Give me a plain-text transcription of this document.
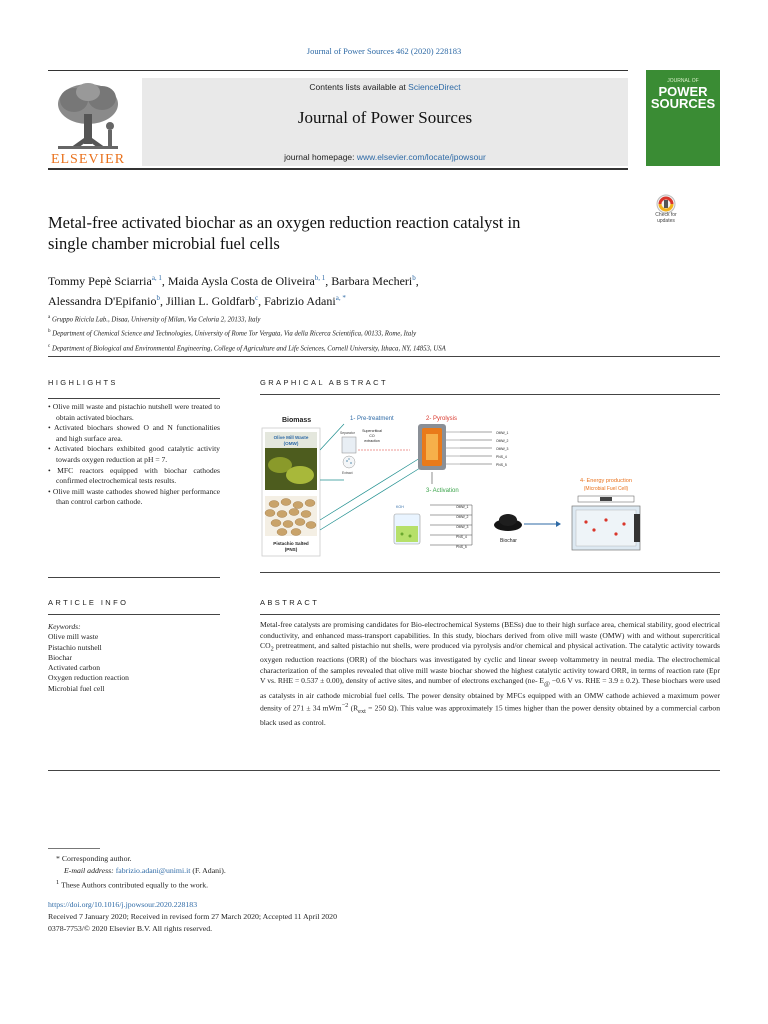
Journal of Power Sources 462 (2020) 228183
ELSEVIER
Contents lists available at ScienceDirect
Journal of Power Sources
journal homepage: www.elsevier.com/locate/jpowsour
JOURNAL OF
POWER
SOURCES
Check for
updates
Metal-free activated biochar as an oxygen reduction reaction catalyst in
single chamber microbial fuel cells
Tommy Pepè Sciarria$^{a, 1}$, Maida Aysla Costa de Oliveira$^{b, 1}$, Barbara Mecheri$^b$,
Alessandra D'Epifanio$^b$, Jillian L. Goldfarb$^c$, Fabrizio Adani$^{a, *}$
$^a$ Gruppo Ricicla Lab., Disaa, University of Milan, Via Celoria 2, 20133, Italy
$^b$ Department of Chemical Science and Technologies, University of Rome Tor Vergata, Via della Ricerca Scientifica, 00133, Rome, Italy
$^c$ Department of Biological and Environmental Engineering, College of Agriculture and Life Sciences, Cornell University, Ithaca, NY, 14853, USA
HIGHLIGHTS
• Olive mill waste and pistachio nutshell were treated to obtain activated biochars.
• Activated biochars showed O and N functionalities and high surface area.
• Activated biochars exhibited good catalytic activity towards oxygen reduction at pH = 7.
• MFC reactors equipped with biochar cathodes confirmed electrochemical tests results.
• Olive mill waste cathodes showed higher performance than control carbon cathode.
GRAPHICAL ABSTRACT
Biomass
Olive Mill Waste
(OMW)
Pistachio Salted
(PNS)
1- Pre-treatment
Separator Supercritical
CO
extraction
Extract
2- Pyrolysis
OMW_1
OMW_2
OMW_3
PNS_4
PNS_5
3- Activation
KOH	OMW_1
OMW_2
OMW_3
PNS_4
PNS_5
Biochar
4- Energy production
(Microbial Fuel Cell)
ARTICLE INFO
Keywords:
Olive mill waste
Pistachio nutshell
Biochar
Activated carbon
Oxygen reduction reaction
Microbial fuel cell
ABSTRACT
Metal-free catalysts are promising candidates for Bio-electrochemical Systems (BESs) due to their high surface area, chemical stability, good electrical conductivity, and enhanced mass-transport capabilities. In this study, biochars derived from olive mill waste (OMW) with and without supercritical $CO_2$ pretreatment, and salted pistachio nut shells, were produced via pyrolysis and/or chemical and physical activation. The catalytic activity towards oxygen reduction reactions (ORR) of the biochars was investigated by cyclic and linear sweep voltammetry in neutral media. The electrochemical characterization of the samples revealed that olive mill waste biochar showed the highest catalytic activity toward ORR, in terms of reaction rate (Epr V vs. RHE = 0.537 ± 0.00), density of active sites, and number of electrons exchanged (ne- $E_@ -0.6$ V vs. RHE = 3.9 ± 0.2). These biochars were used as catalysts in air cathode microbial fuel cells. The power density obtained by MFCs equipped with an OMW cathode achieved a maximum power density of 271 ± 34 mWm$^{-2}$ ($R_{ext} = 250$ Ω). This value was approximately 15 times higher than the power density obtained by a commercial carbon black used as control.
* Corresponding author.
E-mail address: fabrizio.adani@unimi.it (F. Adani).
$^1$ These Authors contributed equally to the work.
https://doi.org/10.1016/j.jpowsour.2020.228183
Received 7 January 2020; Received in revised form 27 March 2020; Accepted 11 April 2020
0378-7753/© 2020 Elsevier B.V. All rights reserved.
